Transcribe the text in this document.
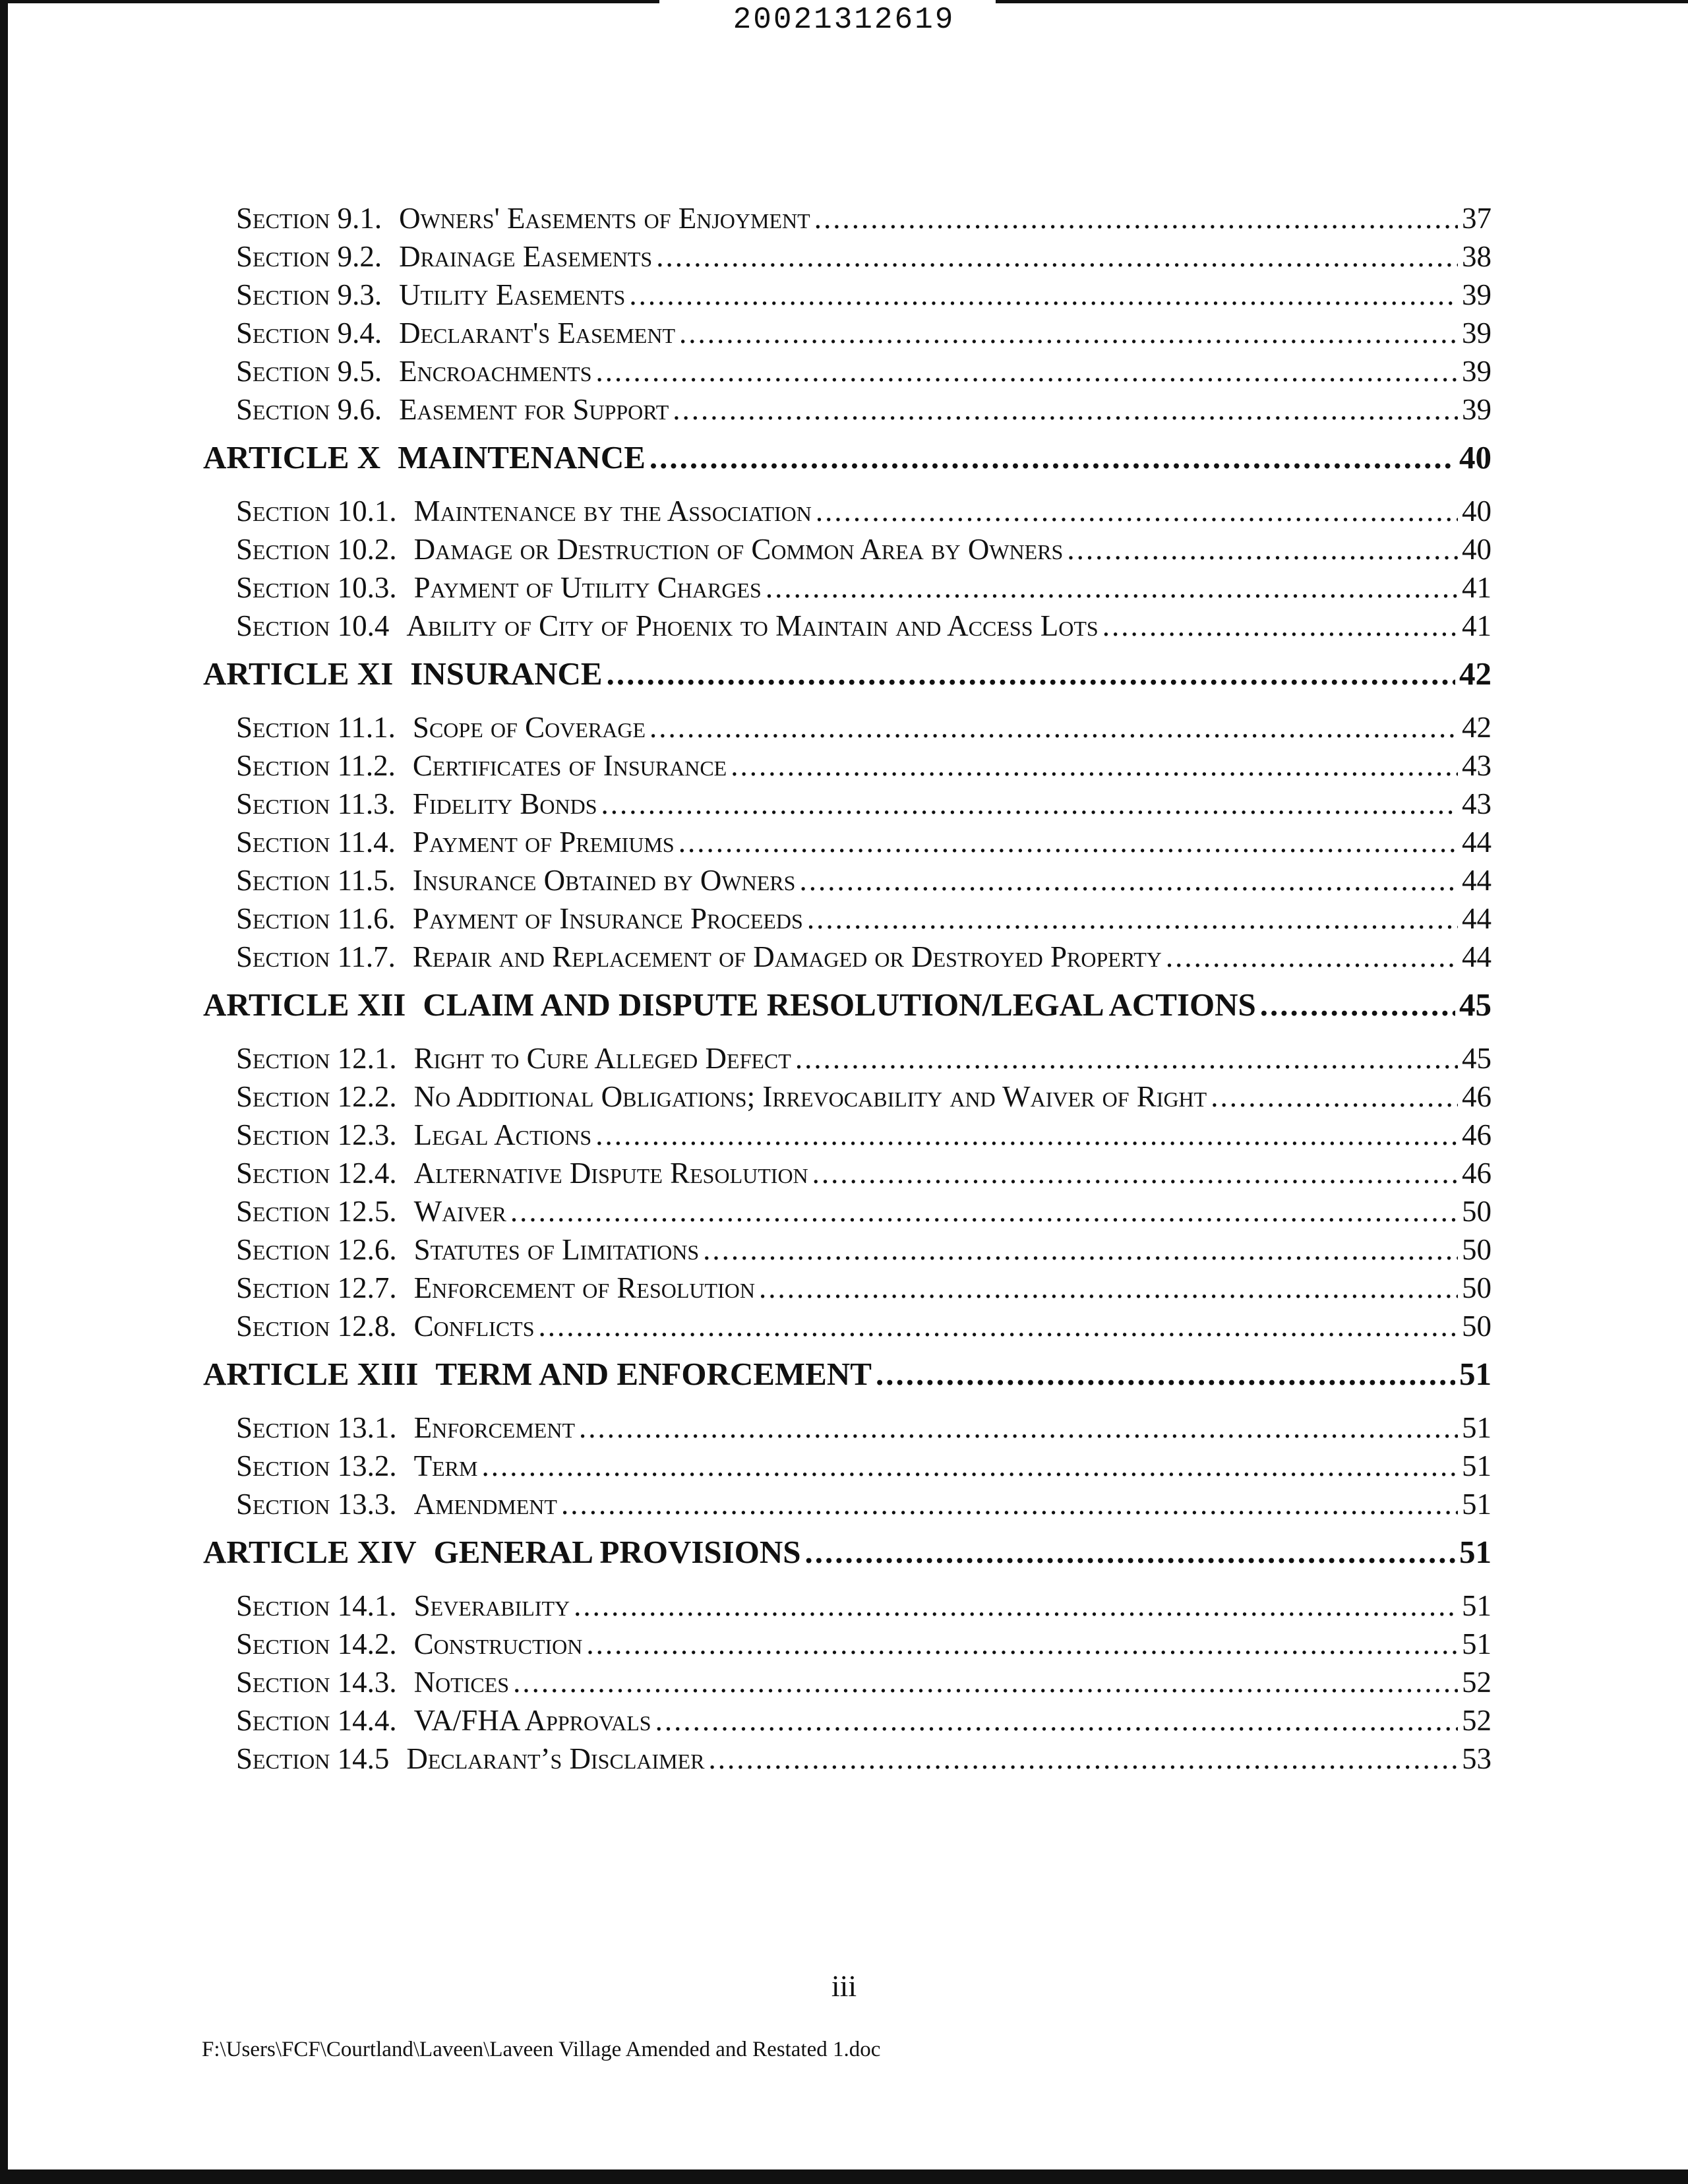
20021312619
Section 9.1. Owners' Easements of Enjoyment .....	37
Section 9.2. Drainage Easements .....	38
Section 9.3. Utility Easements .....	39
Section 9.4. Declarant's Easement .....	39
Section 9.5. Encroachments .....	39
Section 9.6. Easement for Support .....	39
ARTICLE X MAINTENANCE .....	40
Section 10.1. Maintenance by the Association .....	40
Section 10.2. Damage or Destruction of Common Area by Owners .....	40
Section 10.3. Payment of Utility Charges .....	41
Section 10.4 Ability of City of Phoenix to Maintain and Access Lots .....	41
ARTICLE XI INSURANCE .....	42
Section 11.1. Scope of Coverage .....	42
Section 11.2. Certificates of Insurance .....	43
Section 11.3. Fidelity Bonds .....	43
Section 11.4. Payment of Premiums .....	44
Section 11.5. Insurance Obtained by Owners .....	44
Section 11.6. Payment of Insurance Proceeds .....	44
Section 11.7. Repair and Replacement of Damaged or Destroyed Property .....	44
ARTICLE XII CLAIM AND DISPUTE RESOLUTION/LEGAL ACTIONS .....	45
Section 12.1. Right to Cure Alleged Defect .....	45
Section 12.2. No Additional Obligations; Irrevocability and Waiver of Right .....	46
Section 12.3. Legal Actions .....	46
Section 12.4. Alternative Dispute Resolution .....	46
Section 12.5. Waiver .....	50
Section 12.6. Statutes of Limitations .....	50
Section 12.7. Enforcement of Resolution .....	50
Section 12.8. Conflicts .....	50
ARTICLE XIII TERM AND ENFORCEMENT .....	51
Section 13.1. Enforcement .....	51
Section 13.2. Term .....	51
Section 13.3. Amendment .....	51
ARTICLE XIV GENERAL PROVISIONS .....	51
Section 14.1. Severability .....	51
Section 14.2. Construction .....	51
Section 14.3. Notices .....	52
Section 14.4. VA/FHA Approvals .....	52
Section 14.5 Declarant’s Disclaimer .....	53
iii
F:\Users\FCF\Courtland\Laveen\Laveen Village Amended and Restated 1.doc
